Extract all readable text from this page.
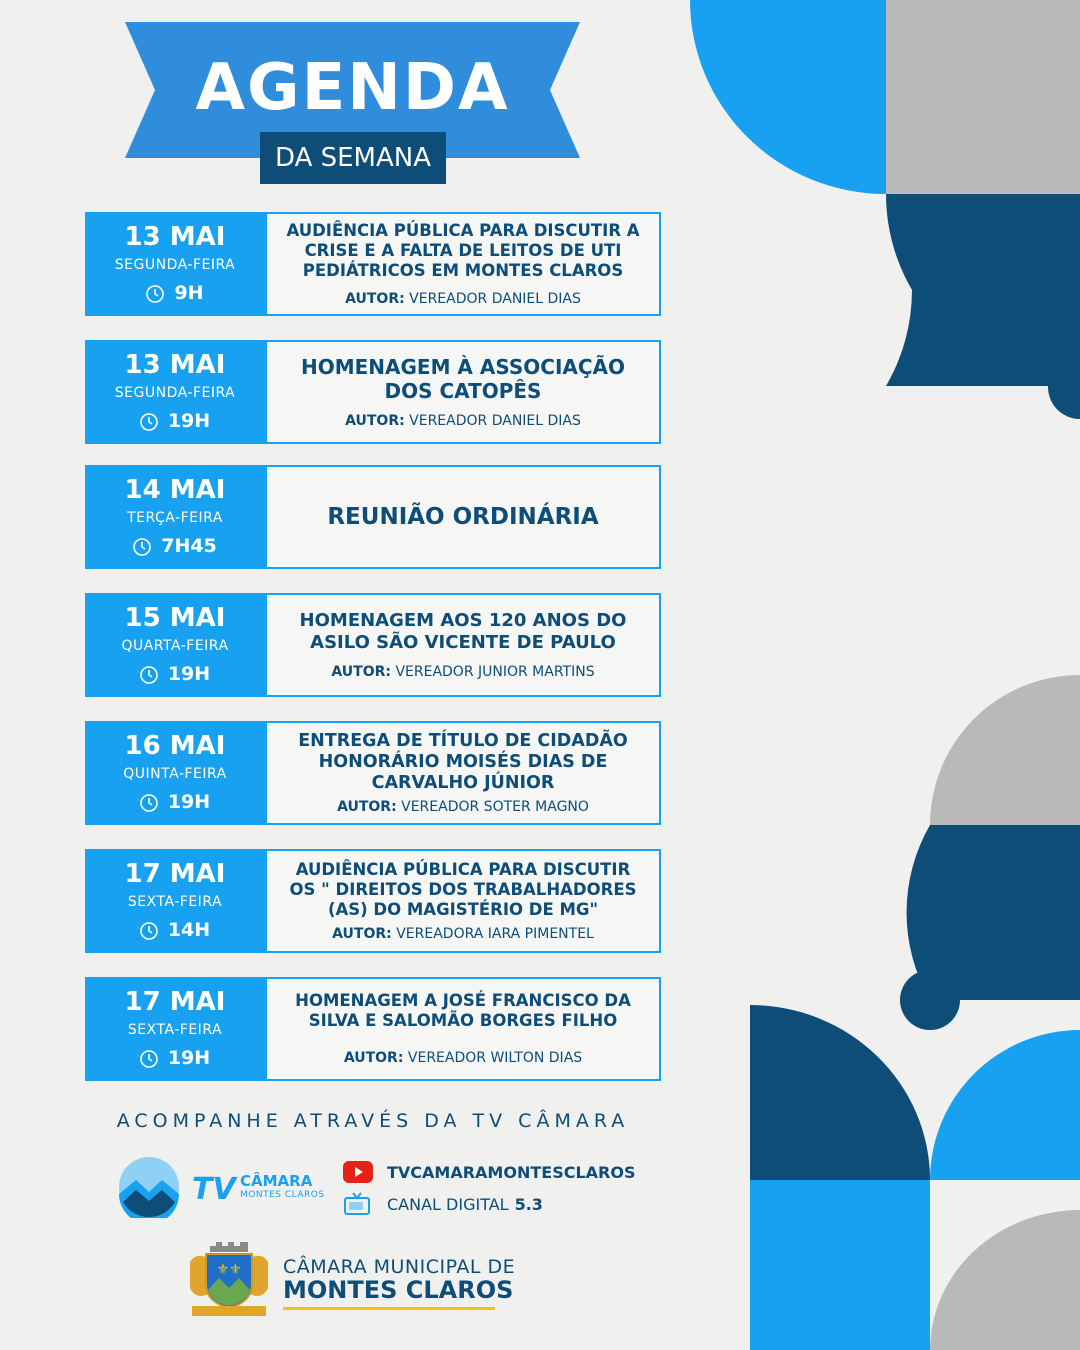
AGENDA
DA SEMANA
13 MAI
SEGUNDA-FEIRA
9H
AUDIÊNCIA PÚBLICA PARA DISCUTIR A CRISE E A FALTA DE LEITOS DE UTI PEDIÁTRICOS EM MONTES CLAROS
AUTOR: VEREADOR DANIEL DIAS
13 MAI
SEGUNDA-FEIRA
19H
HOMENAGEM À ASSOCIAÇÃO DOS CATOPÊS
AUTOR: VEREADOR DANIEL DIAS
14 MAI
TERÇA-FEIRA
7H45
REUNIÃO ORDINÁRIA
15 MAI
QUARTA-FEIRA
19H
HOMENAGEM AOS 120 ANOS DO ASILO SÃO VICENTE DE PAULO
AUTOR: VEREADOR JUNIOR MARTINS
16 MAI
QUINTA-FEIRA
19H
ENTREGA DE TÍTULO DE CIDADÃO HONORÁRIO MOISÉS DIAS DE CARVALHO JÚNIOR
AUTOR: VEREADOR SOTER MAGNO
17 MAI
SEXTA-FEIRA
14H
AUDIÊNCIA PÚBLICA PARA DISCUTIR OS " DIREITOS DOS TRABALHADORES (AS) DO MAGISTÉRIO DE MG"
AUTOR: VEREADORA IARA PIMENTEL
17 MAI
SEXTA-FEIRA
19H
HOMENAGEM A JOSÉ FRANCISCO DA SILVA E SALOMÃO BORGES FILHO
AUTOR: VEREADOR WILTON DIAS
ACOMPANHE ATRAVÉS DA TV CÂMARA
TV CÂMARA
MONTES CLAROS
TVCAMARAMONTESCLAROS
CANAL DIGITAL 5.3
⚜⚜ CÂMARA MUNICIPAL DE
MONTES CLAROS
